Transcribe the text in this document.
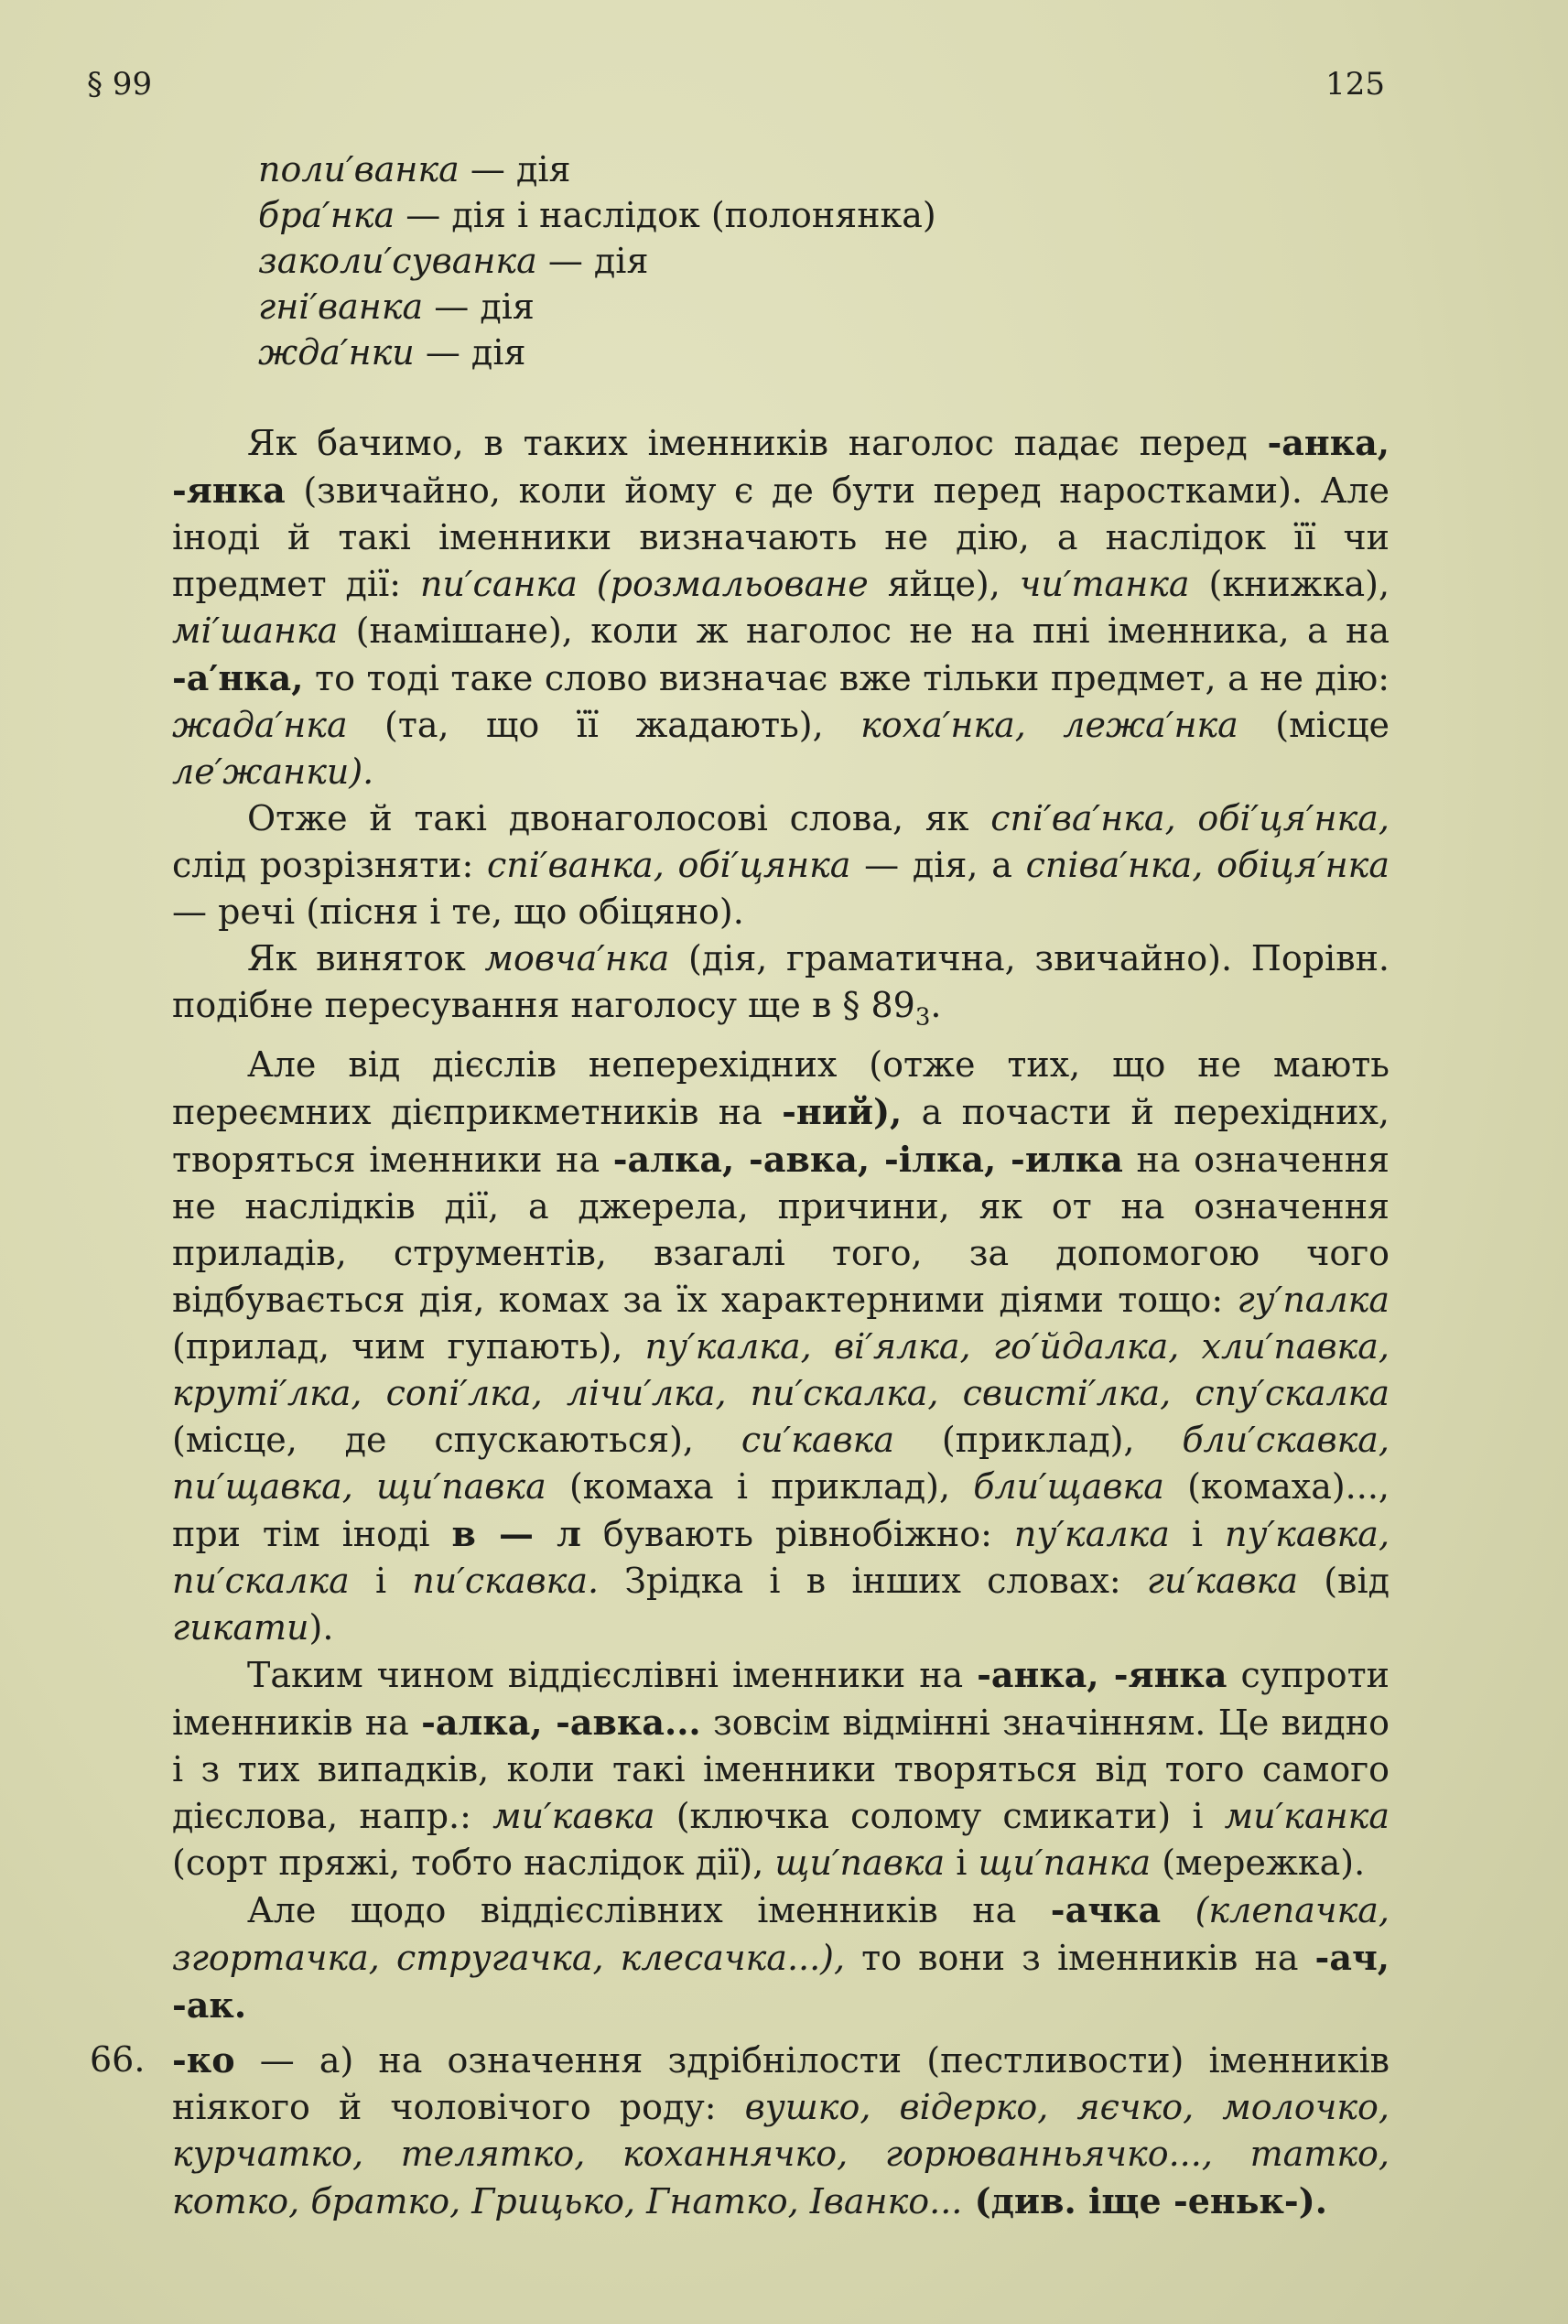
§ 99	125
поли′ванка — дія
бра′нка — дія і наслідок (полонянка)
заколи′суванка — дія
гні′ванка — дія
жда′нки — дія

Як бачимо, в таких іменників наголос падає перед -анка, -янка (звичайно, коли йому є де бути перед наростками). Але іноді й такі іменники визначають не дію, а наслідок її чи предмет дії: пи′санка (розмальоване яйце), чи′танка (книжка), мі′шанка (намішане), коли ж наголос не на пні іменника, а на -а′нка, то тоді таке слово визначає вже тільки предмет, а не дію: жада′нка (та, що її жадають), коха′нка, лежа′нка (місце ле′жанки).

Отже й такі двонаголосові слова, як спі′ва′нка, обі′ця′нка, слід розрізняти: спі′ванка, обі′цянка — дія, а співа′нка, обіця′нка — речі (пісня і те, що обіцяно).

Як виняток мовча′нка (дія, граматична, звичайно). Порівн. подібне пересування наголосу ще в § $89_3$.

Але від дієслів неперехідних (отже тих, що не мають переємних дієприкметників на -ний), а почасти й перехідних, творяться іменники на -алка, -авка, -ілка, -илка на означення не наслідків дії, а джерела, причини, як от на означення приладів, струментів, взагалі того, за допомогою чого відбувається дія, комах за їх характерними діями тощо: гу′палка (прилад, чим гупають), пу′калка, ві′ялка, го′йдалка, хли′павка, круті′лка, сопі′лка, лічи′лка, пи′скалка, свисті′лка, спу′скалка (місце, де спускаються), си′кавка (приклад), бли′скавка, пи′щавка, щи′павка (комаха і приклад), бли′щавка (комаха)..., при тім іноді в — л бувають рівнобіжно: пу′калка і пу′кавка, пи′скалка і пи′скавка. Зрідка і в інших словах: ги′кавка (від гикати).

Таким чином віддієслівні іменники на -анка, -янка супроти іменників на -алка, -авка... зовсім відмінні значінням. Це видно і з тих випадків, коли такі іменники творяться від того самого дієслова, напр.: ми′кавка (ключка солому смикати) і ми′канка (сорт пряжі, тобто наслідок дії), щи′павка і щи′панка (мережка).

Але щодо віддієслівних іменників на -ачка (клепачка, згортачка, стругачка, клесачка...), то вони з іменників на -ач, -ак.

66. -ко — а) на означення здрібнілости (пестливости) іменників ніякого й чоловічого роду: вушко, відерко, яєчко, молочко, курчатко, телятко, коханнячко, горюванньячко..., татко, котко, братко, Грицько, Гнатко, Іванко... (див. іще -еньк-).
